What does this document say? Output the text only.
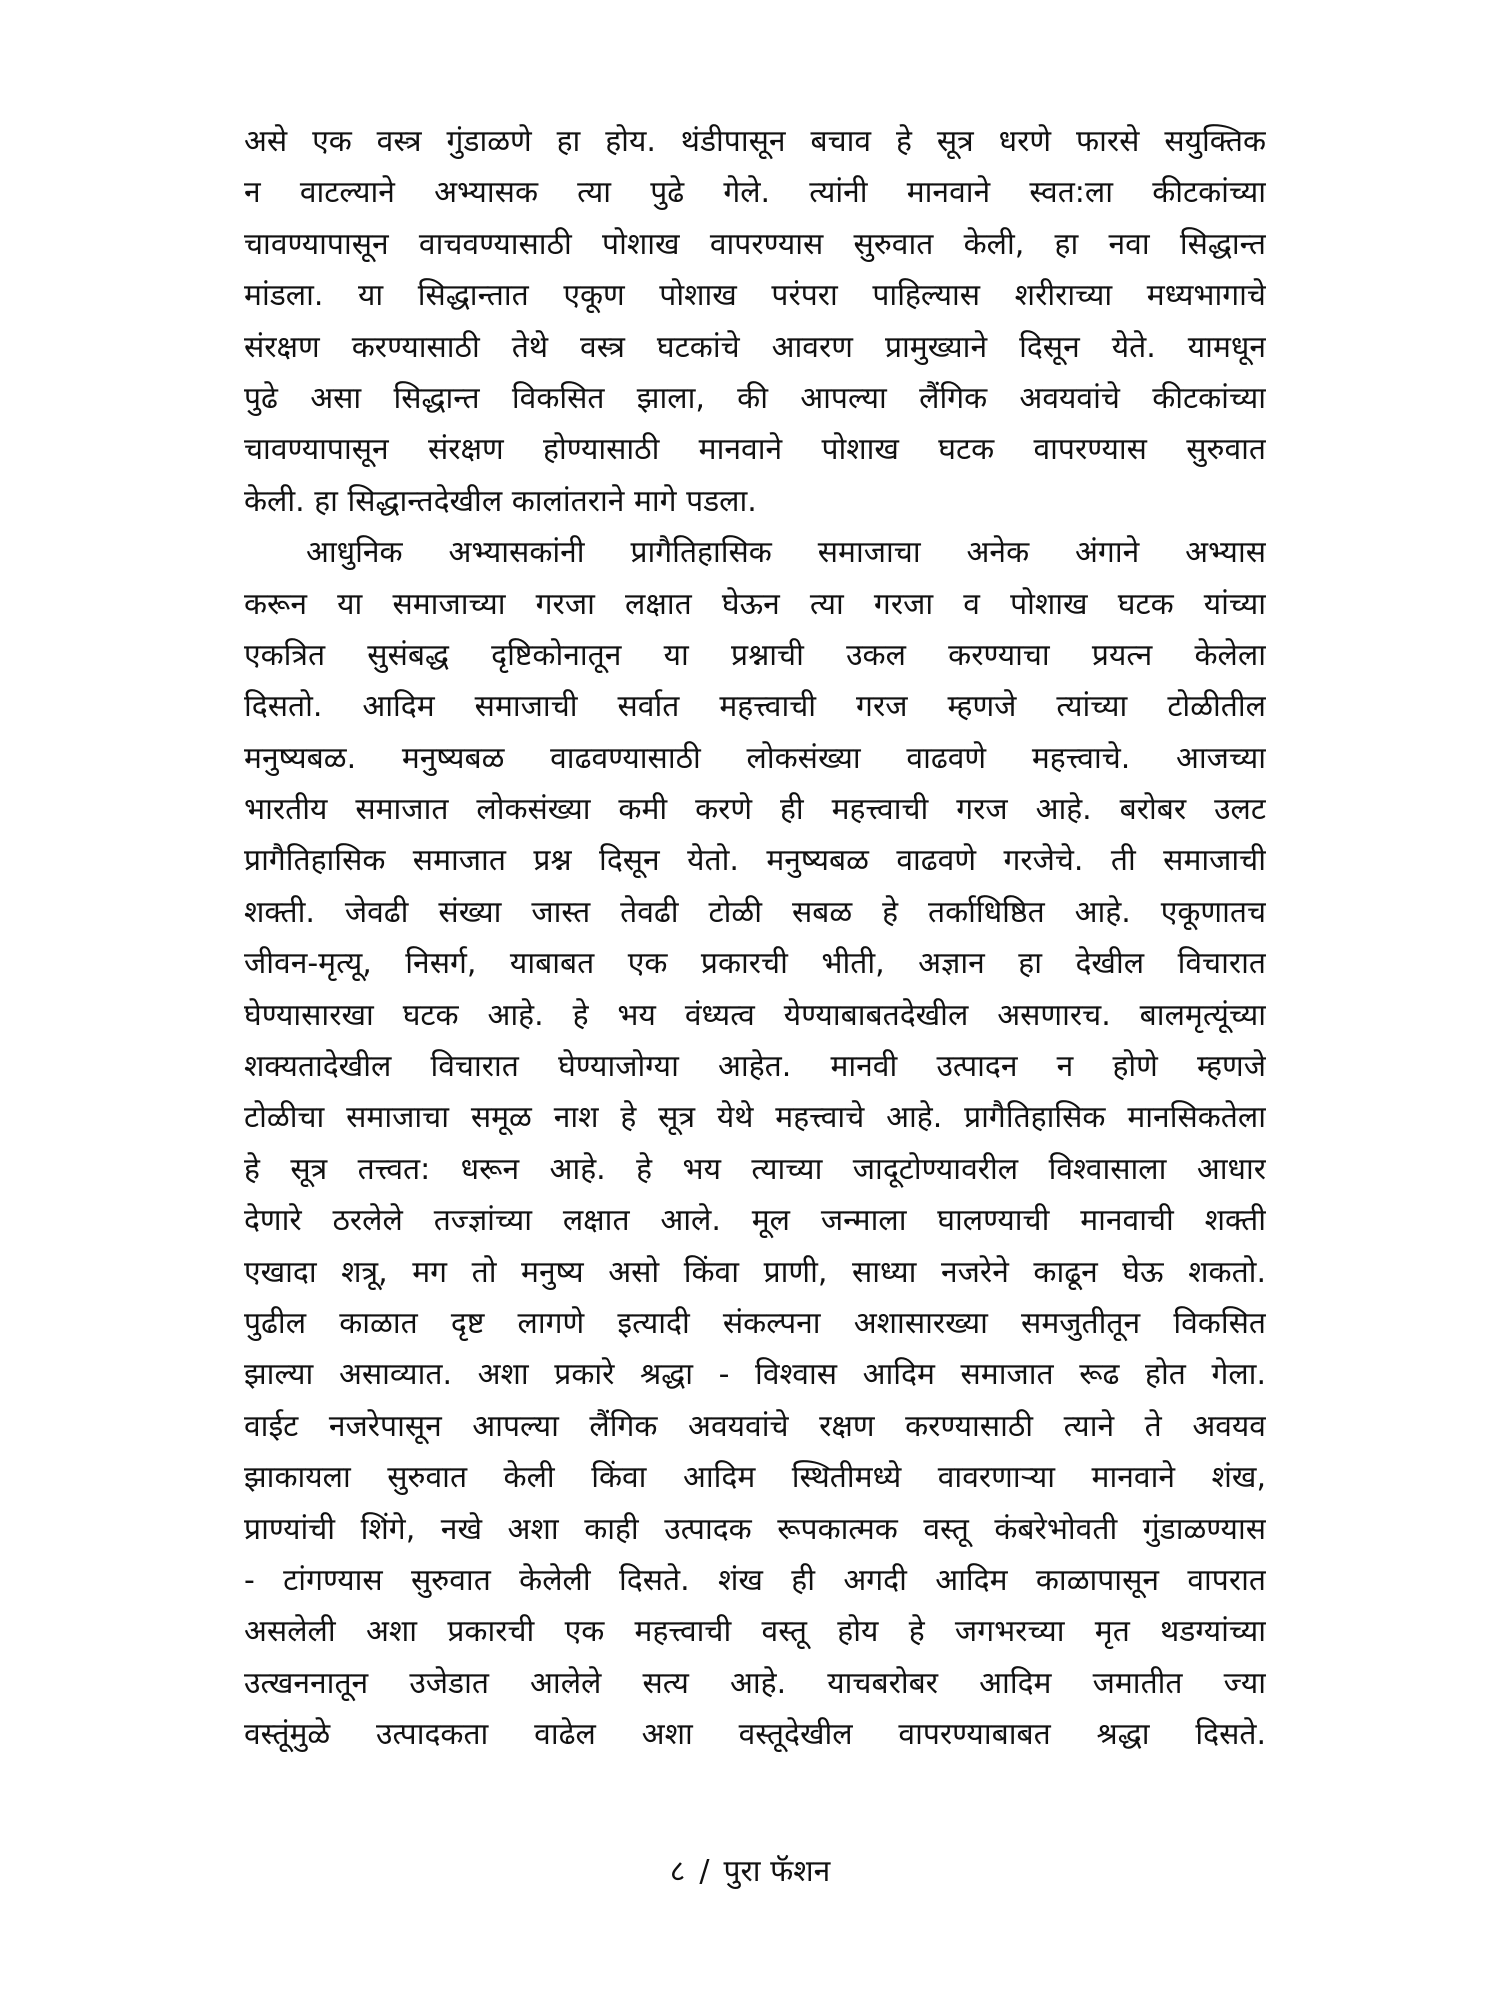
असे एक वस्त्र गुंडाळणे हा होय. थंडीपासून बचाव हे सूत्र धरणे फारसे सयुक्तिक
न वाटल्याने अभ्यासक त्या पुढे गेले. त्यांनी मानवाने स्वत:ला कीटकांच्या
चावण्यापासून वाचवण्यासाठी पोशाख वापरण्यास सुरुवात केली, हा नवा सिद्धान्त
मांडला. या सिद्धान्तात एकूण पोशाख परंपरा पाहिल्यास शरीराच्या मध्यभागाचे
संरक्षण करण्यासाठी तेथे वस्त्र घटकांचे आवरण प्रामुख्याने दिसून येते. यामधून
पुढे असा सिद्धान्त विकसित झाला, की आपल्या लैंगिक अवयवांचे कीटकांच्या
चावण्यापासून संरक्षण होण्यासाठी मानवाने पोशाख घटक वापरण्यास सुरुवात
केली. हा सिद्धान्तदेखील कालांतराने मागे पडला.
आधुनिक अभ्यासकांनी प्रागैतिहासिक समाजाचा अनेक अंगाने अभ्यास
करून या समाजाच्या गरजा लक्षात घेऊन त्या गरजा व पोशाख घटक यांच्या
एकत्रित सुसंबद्ध दृष्टिकोनातून या प्रश्नाची उकल करण्याचा प्रयत्न केलेला
दिसतो. आदिम समाजाची सर्वात महत्त्वाची गरज म्हणजे त्यांच्या टोळीतील
मनुष्यबळ. मनुष्यबळ वाढवण्यासाठी लोकसंख्या वाढवणे महत्त्वाचे. आजच्या
भारतीय समाजात लोकसंख्या कमी करणे ही महत्त्वाची गरज आहे. बरोबर उलट
प्रागैतिहासिक समाजात प्रश्न दिसून येतो. मनुष्यबळ वाढवणे गरजेचे. ती समाजाची
शक्ती. जेवढी संख्या जास्त तेवढी टोळी सबळ हे तर्काधिष्ठित आहे. एकूणातच
जीवन-मृत्यू, निसर्ग, याबाबत एक प्रकारची भीती, अज्ञान हा देखील विचारात
घेण्यासारखा घटक आहे. हे भय वंध्यत्व येण्याबाबतदेखील असणारच. बालमृत्यूंच्या
शक्यतादेखील विचारात घेण्याजोग्या आहेत. मानवी उत्पादन न होणे म्हणजे
टोळीचा समाजाचा समूळ नाश हे सूत्र येथे महत्त्वाचे आहे. प्रागैतिहासिक मानसिकतेला
हे सूत्र तत्त्वत: धरून आहे. हे भय त्याच्या जादूटोण्यावरील विश्वासाला आधार
देणारे ठरलेले तज्ज्ञांच्या लक्षात आले. मूल जन्माला घालण्याची मानवाची शक्ती
एखादा शत्रू, मग तो मनुष्य असो किंवा प्राणी, साध्या नजरेने काढून घेऊ शकतो.
पुढील काळात दृष्ट लागणे इत्यादी संकल्पना अशासारख्या समजुतीतून विकसित
झाल्या असाव्यात. अशा प्रकारे श्रद्धा - विश्वास आदिम समाजात रूढ होत गेला.
वाईट नजरेपासून आपल्या लैंगिक अवयवांचे रक्षण करण्यासाठी त्याने ते अवयव
झाकायला सुरुवात केली किंवा आदिम स्थितीमध्ये वावरणाऱ्या मानवाने शंख,
प्राण्यांची शिंगे, नखे अशा काही उत्पादक रूपकात्मक वस्तू कंबरेभोवती गुंडाळण्यास
- टांगण्यास सुरुवात केलेली दिसते. शंख ही अगदी आदिम काळापासून वापरात
असलेली अशा प्रकारची एक महत्त्वाची वस्तू होय हे जगभरच्या मृत थडग्यांच्या
उत्खननातून उजेडात आलेले सत्य आहे. याचबरोबर आदिम जमातीत ज्या
वस्तूंमुळे उत्पादकता वाढेल अशा वस्तूदेखील वापरण्याबाबत श्रद्धा दिसते.
८ / पुरा फॅशन
